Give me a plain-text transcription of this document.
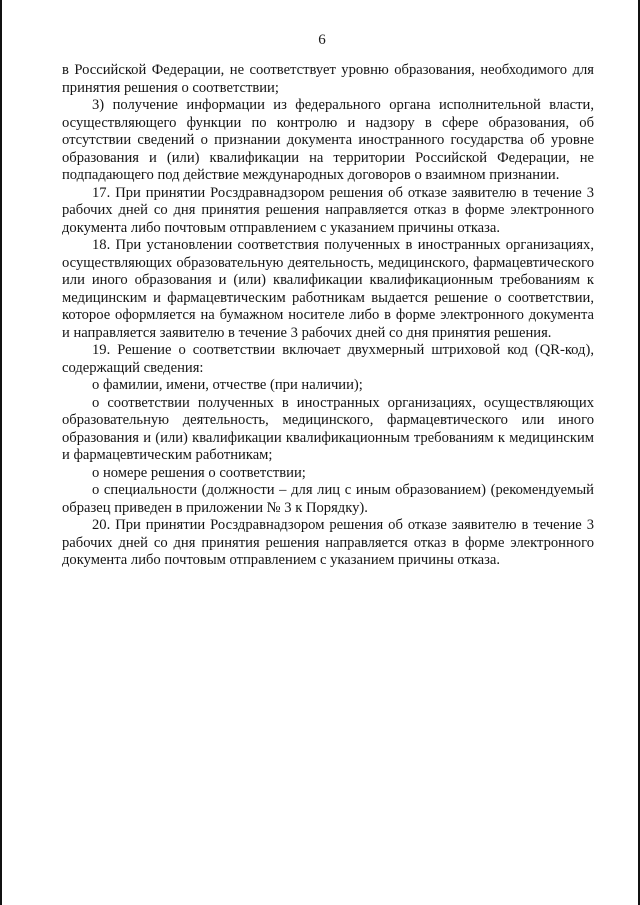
6

в Российской Федерации, не соответствует уровню образования, необходимого для принятия решения о соответствии;

3) получение информации из федерального органа исполнительной власти, осуществляющего функции по контролю и надзору в сфере образования, об отсутствии сведений о признании документа иностранного государства об уровне образования и (или) квалификации на территории Российской Федерации, не подпадающего под действие международных договоров о взаимном признании.

17. При принятии Росздравнадзором решения об отказе заявителю в течение 3 рабочих дней со дня принятия решения направляется отказ в форме электронного документа либо почтовым отправлением с указанием причины отказа.

18. При установлении соответствия полученных в иностранных организациях, осуществляющих образовательную деятельность, медицинского, фармацевтического или иного образования и (или) квалификации квалификационным требованиям к медицинским и фармацевтическим работникам выдается решение о соответствии, которое оформляется на бумажном носителе либо в форме электронного документа и направляется заявителю в течение 3 рабочих дней со дня принятия решения.

19. Решение о соответствии включает двухмерный штриховой код (QR-код), содержащий сведения:

о фамилии, имени, отчестве (при наличии);

о соответствии полученных в иностранных организациях, осуществляющих образовательную деятельность, медицинского, фармацевтического или иного образования и (или) квалификации квалификационным требованиям к медицинским и фармацевтическим работникам;

о номере решения о соответствии;

о специальности (должности – для лиц с иным образованием) (рекомендуемый образец приведен в приложении № 3 к Порядку).

20. При принятии Росздравнадзором решения об отказе заявителю в течение 3 рабочих дней со дня принятия решения направляется отказ в форме электронного документа либо почтовым отправлением с указанием причины отказа.
